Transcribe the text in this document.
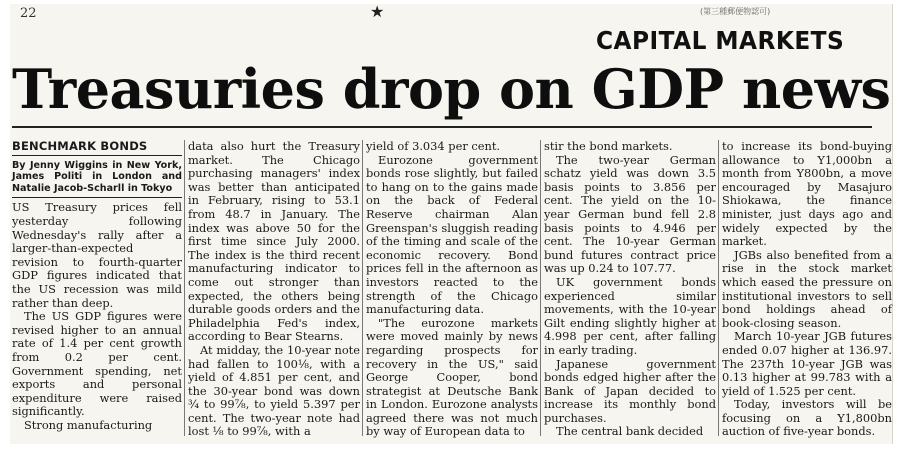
22	★	(第三種郵便物認可)
CAPITAL MARKETS
Treasuries drop on GDP news
BENCHMARK BONDS
By Jenny Wiggins in New York, James Politi in London and Natalie Jacob-Scharll in Tokyo

US Treasury prices fell yesterday following Wednesday's rally after a larger-than-expected revision to fourth-quarter GDP figures indicated that the US recession was mild rather than deep.

The US GDP figures were revised higher to an annual rate of 1.4 per cent growth from 0.2 per cent. Government spending, net exports and personal expenditure were raised significantly.

Strong manufacturing

data also hurt the Treasury market. The Chicago purchasing managers' index was better than anticipated in February, rising to 53.1 from 48.7 in January. The index was above 50 for the first time since July 2000. The index is the third recent manufacturing indicator to come out stronger than expected, the others being durable goods orders and the Philadelphia Fed's index, according to Bear Stearns.

At midday, the 10-year note had fallen to 100⅛, with a yield of 4.851 per cent, and the 30-year bond was down ¾ to 99⅞, to yield 5.397 per cent. The two-year note had lost ⅛ to 99⅞, with a

yield of 3.034 per cent.

Eurozone government bonds rose slightly, but failed to hang on to the gains made on the back of Federal Reserve chairman Alan Greenspan's sluggish reading of the timing and scale of the economic recovery. Bond prices fell in the afternoon as investors reacted to the strength of the Chicago manufacturing data.

"The eurozone markets were moved mainly by news regarding prospects for recovery in the US," said George Cooper, bond strategist at Deutsche Bank in London. Eurozone analysts agreed there was not much by way of European data to

stir the bond markets.

The two-year German schatz yield was down 3.5 basis points to 3.856 per cent. The yield on the 10-year German bund fell 2.8 basis points to 4.946 per cent. The 10-year German bund futures contract price was up 0.24 to 107.77.

UK government bonds experienced similar movements, with the 10-year Gilt ending slightly higher at 4.998 per cent, after falling in early trading.

Japanese government bonds edged higher after the Bank of Japan decided to increase its monthly bond purchases.

The central bank decided

to increase its bond-buying allowance to Y1,000bn a month from Y800bn, a move encouraged by Masajuro Shiokawa, the finance minister, just days ago and widely expected by the market.

JGBs also benefited from a rise in the stock market which eased the pressure on institutional investors to sell bond holdings ahead of book-closing season.

March 10-year JGB futures ended 0.07 higher at 136.97. The 237th 10-year JGB was 0.13 higher at 99.783 with a yield of 1.525 per cent.

Today, investors will be focusing on a Y1,800bn auction of five-year bonds.
